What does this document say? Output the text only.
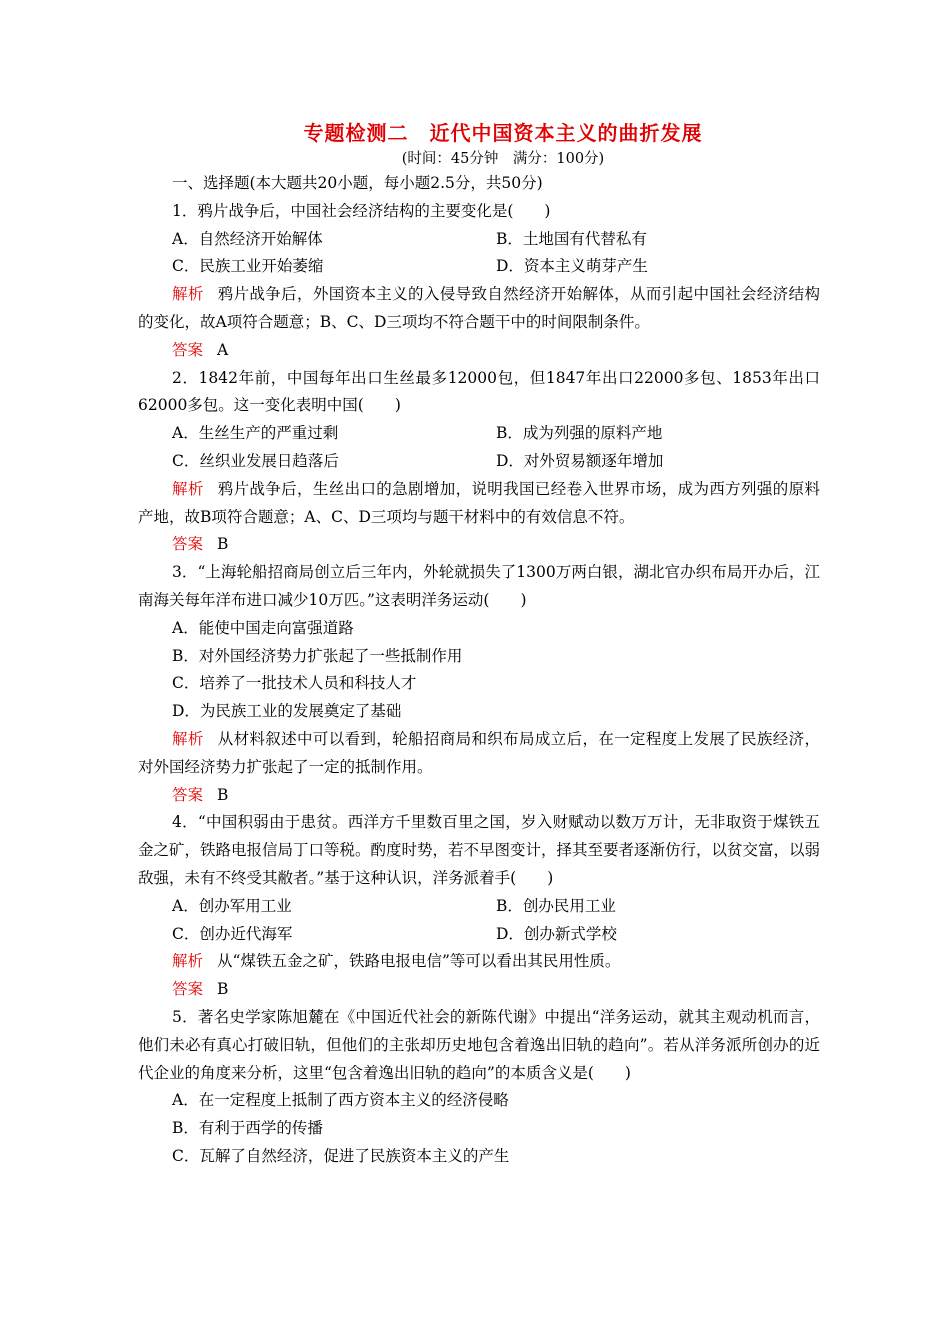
专题检测二　近代中国资本主义的曲折发展
(时间：45分钟　满分：100分)
一、选择题(本大题共20小题，每小题2.5分，共50分)
1．鸦片战争后，中国社会经济结构的主要变化是(　　)
A．自然经济开始解体	B．土地国有代替私有
C．民族工业开始萎缩	D．资本主义萌芽产生
解析 鸦片战争后，外国资本主义的入侵导致自然经济开始解体，从而引起中国社会经济结构的变化，故A项符合题意；B、C、D三项均不符合题干中的时间限制条件。
答案 A
2．1842年前，中国每年出口生丝最多12000包，但1847年出口22000多包、1853年出口62000多包。这一变化表明中国(　　)
A．生丝生产的严重过剩	B．成为列强的原料产地
C．丝织业发展日趋落后	D．对外贸易额逐年增加
解析 鸦片战争后，生丝出口的急剧增加，说明我国已经卷入世界市场，成为西方列强的原料产地，故B项符合题意；A、C、D三项均与题干材料中的有效信息不符。
答案 B
3．“上海轮船招商局创立后三年内，外轮就损失了1300万两白银，湖北官办织布局开办后，江南海关每年洋布进口减少10万匹。”这表明洋务运动(　　)
A．能使中国走向富强道路
B．对外国经济势力扩张起了一些抵制作用
C．培养了一批技术人员和科技人才
D．为民族工业的发展奠定了基础
解析 从材料叙述中可以看到，轮船招商局和织布局成立后，在一定程度上发展了民族经济，对外国经济势力扩张起了一定的抵制作用。
答案 B
4．“中国积弱由于患贫。西洋方千里数百里之国，岁入财赋动以数万万计，无非取资于煤铁五金之矿，铁路电报信局丁口等税。酌度时势，若不早图变计，择其至要者逐渐仿行，以贫交富，以弱敌强，未有不终受其敝者。”基于这种认识，洋务派着手(　　)
A．创办军用工业	B．创办民用工业
C．创办近代海军	D．创办新式学校
解析 从“煤铁五金之矿，铁路电报电信”等可以看出其民用性质。
答案 B
5．著名史学家陈旭麓在《中国近代社会的新陈代谢》中提出“洋务运动，就其主观动机而言，他们未必有真心打破旧轨，但他们的主张却历史地包含着逸出旧轨的趋向”。若从洋务派所创办的近代企业的角度来分析，这里“包含着逸出旧轨的趋向”的本质含义是(　　)
A．在一定程度上抵制了西方资本主义的经济侵略
B．有利于西学的传播
C．瓦解了自然经济，促进了民族资本主义的产生
